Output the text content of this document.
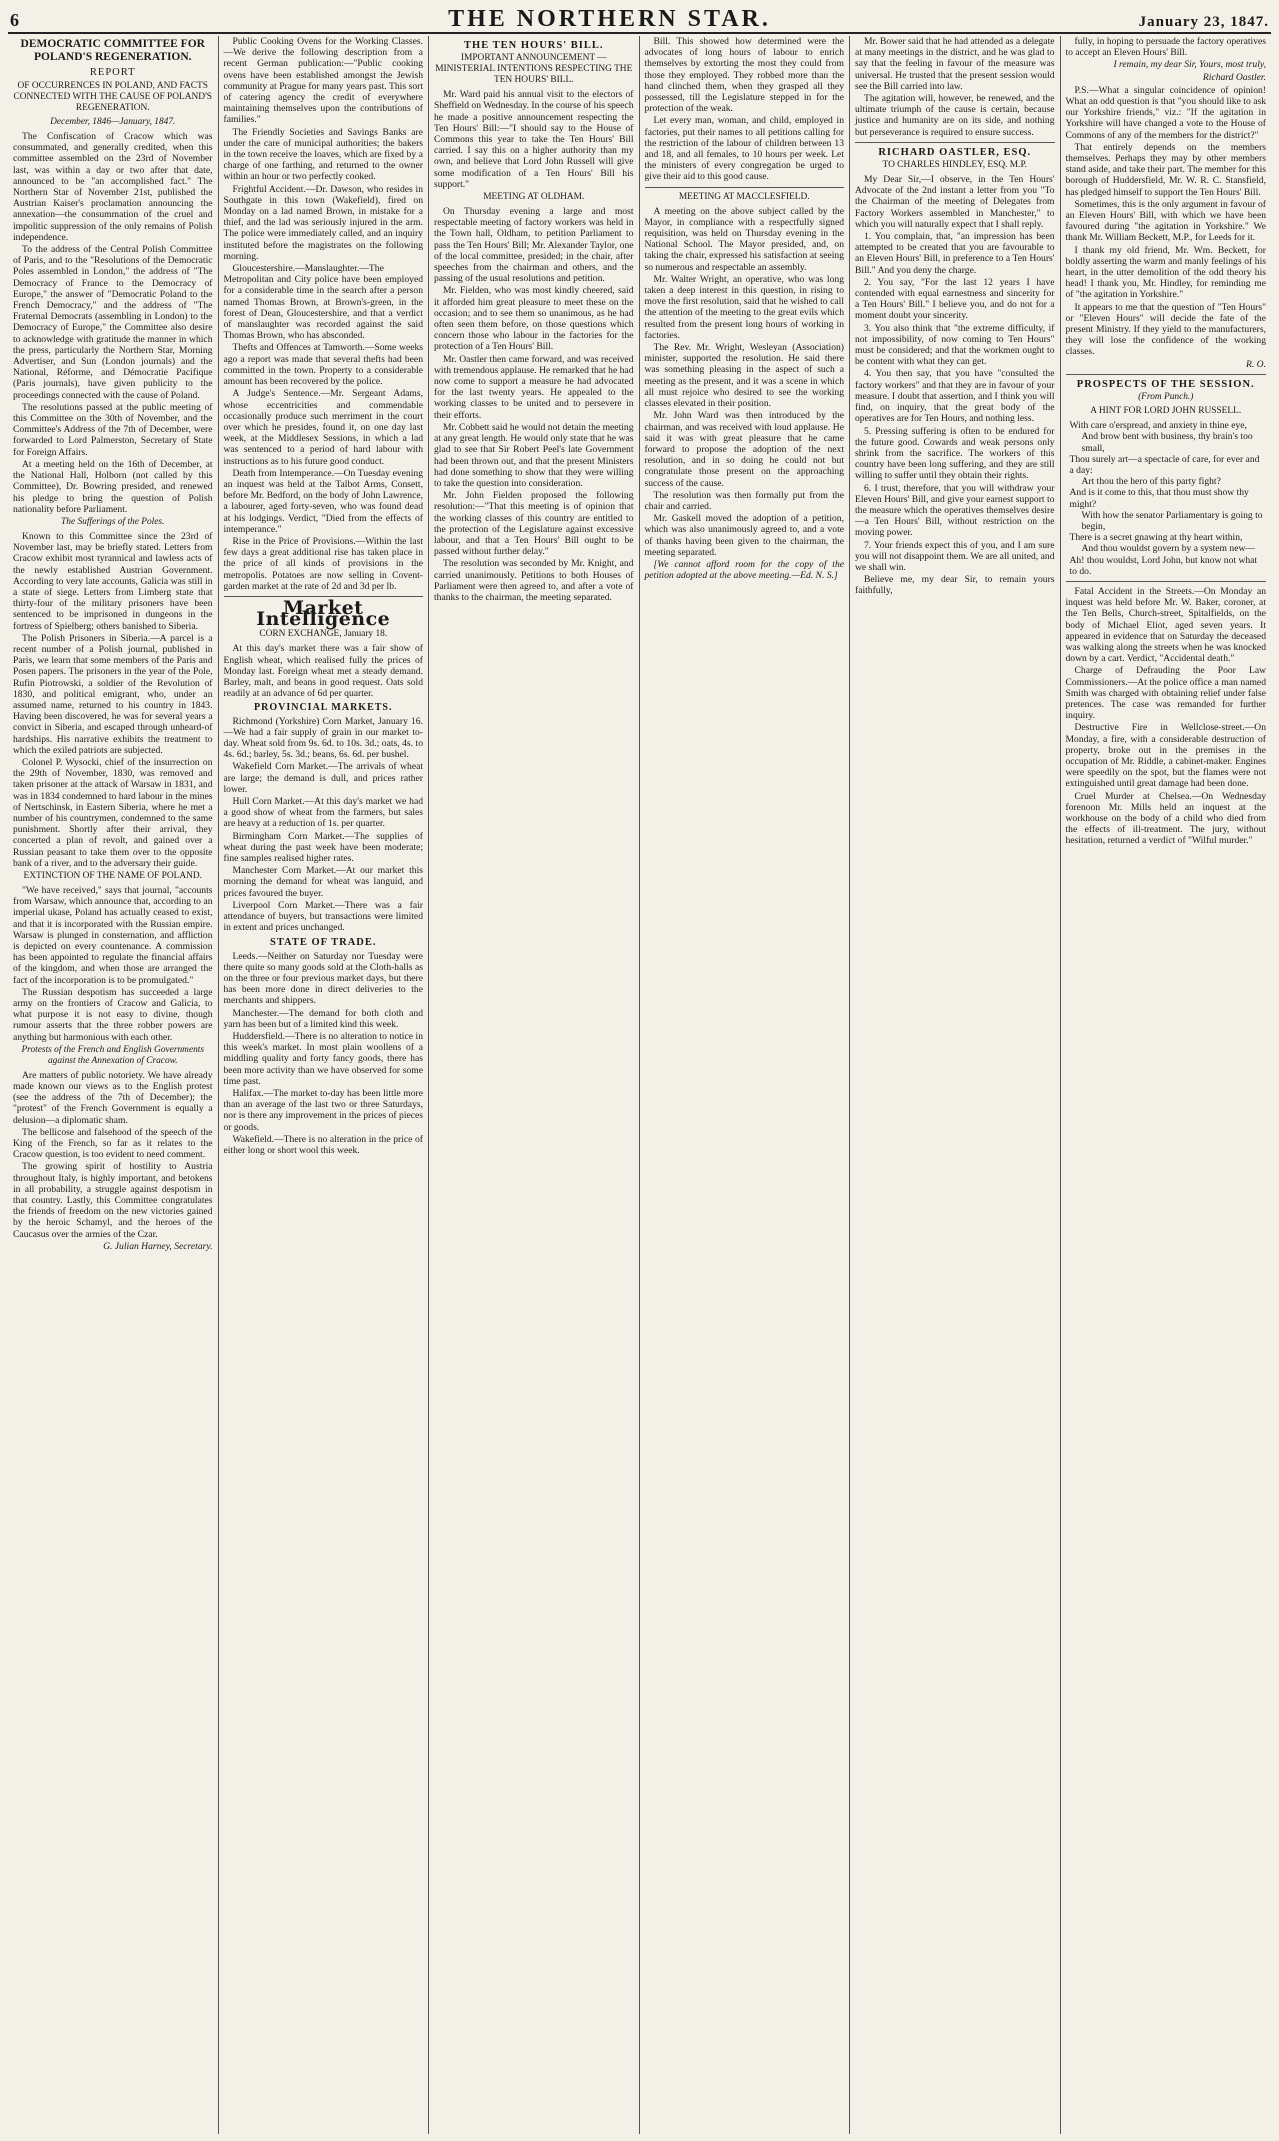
6	THE NORTHERN STAR.	January 23, 1847.
DEMOCRATIC COMMITTEE FOR POLAND'S REGENERATION.
REPORT
OF OCCURRENCES IN POLAND, AND FACTS CONNECTED WITH THE CAUSE OF POLAND'S REGENERATION.
December, 1846—January, 1847.

The Confiscation of Cracow which was consummated, and generally credited, when this committee assembled on the 23rd of November last, was within a day or two after that date, announced to be "an accomplished fact." The Northern Star of November 21st, published the Austrian Kaiser's proclamation announcing the annexation—the consummation of the cruel and impolitic suppression of the only remains of Polish independence.

To the address of the Central Polish Committee of Paris, and to the "Resolutions of the Democratic Poles assembled in London," the address of "The Democracy of France to the Democracy of Europe," the answer of "Democratic Poland to the French Democracy," and the address of "The Fraternal Democrats (assembling in London) to the Democracy of Europe," the Committee also desire to acknowledge with gratitude the manner in which the press, particularly the Northern Star, Morning Advertiser, and Sun (London journals) and the National, Réforme, and Démocratie Pacifique (Paris journals), have given publicity to the proceedings connected with the cause of Poland.

The resolutions passed at the public meeting of this Committee on the 30th of November, and the Committee's Address of the 7th of December, were forwarded to Lord Palmerston, Secretary of State for Foreign Affairs.

At a meeting held on the 16th of December, at the National Hall, Holborn (not called by this Committee), Dr. Bowring presided, and renewed his pledge to bring the question of Polish nationality before Parliament.

The Sufferings of the Poles.

Known to this Committee since the 23rd of November last, may be briefly stated. Letters from Cracow exhibit most tyrannical and lawless acts of the newly established Austrian Government. According to very late accounts, Galicia was still in a state of siege. Letters from Limberg state that thirty-four of the military prisoners have been sentenced to be imprisoned in dungeons in the fortress of Spielberg; others banished to Siberia.

The Polish Prisoners in Siberia.—A parcel is a recent number of a Polish journal, published in Paris, we learn that some members of the Paris and Posen papers. The prisoners in the year of the Pole, Rufin Piotrowski, a soldier of the Revolution of 1830, and political emigrant, who, under an assumed name, returned to his country in 1843. Having been discovered, he was for several years a convict in Siberia, and escaped through unheard-of hardships. His narrative exhibits the treatment to which the exiled patriots are subjected.

Colonel P. Wysocki, chief of the insurrection on the 29th of November, 1830, was removed and taken prisoner at the attack of Warsaw in 1831, and was in 1834 condemned to hard labour in the mines of Nertschinsk, in Eastern Siberia, where he met a number of his countrymen, condemned to the same punishment. Shortly after their arrival, they concerted a plan of revolt, and gained over a Russian peasant to take them over to the opposite bank of a river, and to the adversary their guide.

EXTINCTION OF THE NAME OF POLAND.

"We have received," says that journal, "accounts from Warsaw, which announce that, according to an imperial ukase, Poland has actually ceased to exist, and that it is incorporated with the Russian empire. Warsaw is plunged in consternation, and affliction is depicted on every countenance. A commission has been appointed to regulate the financial affairs of the kingdom, and when those are arranged the fact of the incorporation is to be promulgated."

The Russian despotism has succeeded a large army on the frontiers of Cracow and Galicia, to what purpose it is not easy to divine, though rumour asserts that the three robber powers are anything but harmonious with each other.

Protests of the French and English Governments against the Annexation of Cracow.

Are matters of public notoriety. We have already made known our views as to the English protest (see the address of the 7th of December); the "protest" of the French Government is equally a delusion—a diplomatic sham.

The bellicose and falsehood of the speech of the King of the French, so far as it relates to the Cracow question, is too evident to need comment.

The growing spirit of hostility to Austria throughout Italy, is highly important, and betokens in all probability, a struggle against despotism in that country. Lastly, this Committee congratulates the friends of freedom on the new victories gained by the heroic Schamyl, and the heroes of the Caucasus over the armies of the Czar.

G. Julian Harney, Secretary.

Public Cooking Ovens for the Working Classes.—We derive the following description from a recent German publication:—"Public cooking ovens have been established amongst the Jewish community at Prague for many years past. This sort of catering agency the credit of everywhere maintaining themselves upon the contributions of families."

The Friendly Societies and Savings Banks are under the care of municipal authorities; the bakers in the town receive the loaves, which are fixed by a charge of one farthing, and returned to the owner within an hour or two perfectly cooked.

Frightful Accident.—Dr. Dawson, who resides in Southgate in this town (Wakefield), fired on Monday on a lad named Brown, in mistake for a thief, and the lad was seriously injured in the arm. The police were immediately called, and an inquiry instituted before the magistrates on the following morning.

Gloucestershire.—Manslaughter.—The Metropolitan and City police have been employed for a considerable time in the search after a person named Thomas Brown, at Brown's-green, in the forest of Dean, Gloucestershire, and that a verdict of manslaughter was recorded against the said Thomas Brown, who has absconded.

Thefts and Offences at Tamworth.—Some weeks ago a report was made that several thefts had been committed in the town. Property to a considerable amount has been recovered by the police.

A Judge's Sentence.—Mr. Sergeant Adams, whose eccentricities and commendable occasionally produce such merriment in the court over which he presides, found it, on one day last week, at the Middlesex Sessions, in which a lad was sentenced to a period of hard labour with instructions as to his future good conduct.

Death from Intemperance.—On Tuesday evening an inquest was held at the Talbot Arms, Consett, before Mr. Bedford, on the body of John Lawrence, a labourer, aged forty-seven, who was found dead at his lodgings. Verdict, "Died from the effects of intemperance."

Rise in the Price of Provisions.—Within the last few days a great additional rise has taken place in the price of all kinds of provisions in the metropolis. Potatoes are now selling in Covent-garden market at the rate of 2d and 3d per lb.

Market Intelligence
CORN EXCHANGE, January 18.

At this day's market there was a fair show of English wheat, which realised fully the prices of Monday last. Foreign wheat met a steady demand. Barley, malt, and beans in good request. Oats sold readily at an advance of 6d per quarter.

PROVINCIAL MARKETS.

Richmond (Yorkshire) Corn Market, January 16.—We had a fair supply of grain in our market to-day. Wheat sold from 9s. 6d. to 10s. 3d.; oats, 4s. to 4s. 6d.; barley, 5s. 3d.; beans, 6s. 6d. per bushel.

Wakefield Corn Market.—The arrivals of wheat are large; the demand is dull, and prices rather lower.

Hull Corn Market.—At this day's market we had a good show of wheat from the farmers, but sales are heavy at a reduction of 1s. per quarter.

Birmingham Corn Market.—The supplies of wheat during the past week have been moderate; fine samples realised higher rates.

Manchester Corn Market.—At our market this morning the demand for wheat was languid, and prices favoured the buyer.

Liverpool Corn Market.—There was a fair attendance of buyers, but transactions were limited in extent and prices unchanged.

STATE OF TRADE.

Leeds.—Neither on Saturday nor Tuesday were there quite so many goods sold at the Cloth-halls as on the three or four previous market days, but there has been more done in direct deliveries to the merchants and shippers.

Manchester.—The demand for both cloth and yarn has been but of a limited kind this week.

Huddersfield.—There is no alteration to notice in this week's market. In most plain woollens of a middling quality and forty fancy goods, there has been more activity than we have observed for some time past.

Halifax.—The market to-day has been little more than an average of the last two or three Saturdays, nor is there any improvement in the prices of pieces or goods.

Wakefield.—There is no alteration in the price of either long or short wool this week.

THE TEN HOURS' BILL.
IMPORTANT ANNOUNCEMENT — MINISTERIAL INTENTIONS RESPECTING THE TEN HOURS' BILL.

Mr. Ward paid his annual visit to the electors of Sheffield on Wednesday. In the course of his speech he made a positive announcement respecting the Ten Hours' Bill:—"I should say to the House of Commons this year to take the Ten Hours' Bill carried. I say this on a higher authority than my own, and believe that Lord John Russell will give some modification of a Ten Hours' Bill his support."

MEETING AT OLDHAM.

On Thursday evening a large and most respectable meeting of factory workers was held in the Town hall, Oldham, to petition Parliament to pass the Ten Hours' Bill; Mr. Alexander Taylor, one of the local committee, presided; in the chair, after speeches from the chairman and others, and the passing of the usual resolutions and petition.

Mr. Fielden, who was most kindly cheered, said it afforded him great pleasure to meet these on the occasion; and to see them so unanimous, as he had often seen them before, on those questions which concern those who labour in the factories for the protection of a Ten Hours' Bill.

Mr. Oastler then came forward, and was received with tremendous applause. He remarked that he had now come to support a measure he had advocated for the last twenty years. He appealed to the working classes to be united and to persevere in their efforts.

Mr. Cobbett said he would not detain the meeting at any great length. He would only state that he was glad to see that Sir Robert Peel's late Government had been thrown out, and that the present Ministers had done something to show that they were willing to take the question into consideration.

Mr. John Fielden proposed the following resolution:—"That this meeting is of opinion that the working classes of this country are entitled to the protection of the Legislature against excessive labour, and that a Ten Hours' Bill ought to be passed without further delay."

The resolution was seconded by Mr. Knight, and carried unanimously. Petitions to both Houses of Parliament were then agreed to, and after a vote of thanks to the chairman, the meeting separated.

Bill. This showed how determined were the advocates of long hours of labour to enrich themselves by extorting the most they could from those they employed. They robbed more than the hand clinched them, when they grasped all they possessed, till the Legislature stepped in for the protection of the weak.

Let every man, woman, and child, employed in factories, put their names to all petitions calling for the restriction of the labour of children between 13 and 18, and all females, to 10 hours per week. Let the ministers of every congregation be urged to give their aid to this good cause.

MEETING AT MACCLESFIELD.

A meeting on the above subject called by the Mayor, in compliance with a respectfully signed requisition, was held on Thursday evening in the National School. The Mayor presided, and, on taking the chair, expressed his satisfaction at seeing so numerous and respectable an assembly.

Mr. Walter Wright, an operative, who was long taken a deep interest in this question, in rising to move the first resolution, said that he wished to call the attention of the meeting to the great evils which resulted from the present long hours of working in factories.

The Rev. Mr. Wright, Wesleyan (Association) minister, supported the resolution. He said there was something pleasing in the aspect of such a meeting as the present, and it was a scene in which all must rejoice who desired to see the working classes elevated in their position.

Mr. John Ward was then introduced by the chairman, and was received with loud applause. He said it was with great pleasure that he came forward to propose the adoption of the next resolution, and in so doing he could not but congratulate those present on the approaching success of the cause.

The resolution was then formally put from the chair and carried.

Mr. Gaskell moved the adoption of a petition, which was also unanimously agreed to, and a vote of thanks having been given to the chairman, the meeting separated.

[We cannot afford room for the copy of the petition adopted at the above meeting.—Ed. N. S.]

Mr. Bower said that he had attended as a delegate at many meetings in the district, and he was glad to say that the feeling in favour of the measure was universal. He trusted that the present session would see the Bill carried into law.

The agitation will, however, be renewed, and the ultimate triumph of the cause is certain, because justice and humanity are on its side, and nothing but perseverance is required to ensure success.

RICHARD OASTLER, ESQ.
TO CHARLES HINDLEY, ESQ. M.P.

My Dear Sir,—I observe, in the Ten Hours' Advocate of the 2nd instant a letter from you "To the Chairman of the meeting of Delegates from Factory Workers assembled in Manchester," to which you will naturally expect that I shall reply.

1. You complain, that, "an impression has been attempted to be created that you are favourable to an Eleven Hours' Bill, in preference to a Ten Hours' Bill." And you deny the charge.

2. You say, "For the last 12 years I have contended with equal earnestness and sincerity for a Ten Hours' Bill." I believe you, and do not for a moment doubt your sincerity.

3. You also think that "the extreme difficulty, if not impossibility, of now coming to Ten Hours" must be considered; and that the workmen ought to be content with what they can get.

4. You then say, that you have "consulted the factory workers" and that they are in favour of your measure. I doubt that assertion, and I think you will find, on inquiry, that the great body of the operatives are for Ten Hours, and nothing less.

5. Pressing suffering is often to be endured for the future good. Cowards and weak persons only shrink from the sacrifice. The workers of this country have been long suffering, and they are still willing to suffer until they obtain their rights.

6. I trust, therefore, that you will withdraw your Eleven Hours' Bill, and give your earnest support to the measure which the operatives themselves desire—a Ten Hours' Bill, without restriction on the moving power.

7. Your friends expect this of you, and I am sure you will not disappoint them. We are all united, and we shall win.

Believe me, my dear Sir, to remain yours faithfully,

fully, in hoping to persuade the factory operatives to accept an Eleven Hours' Bill.

I remain, my dear Sir, Yours, most truly,

Richard Oastler.

P.S.—What a singular coincidence of opinion! What an odd question is that "you should like to ask our Yorkshire friends," viz.: "If the agitation in Yorkshire will have changed a vote to the House of Commons of any of the members for the district?"

That entirely depends on the members themselves. Perhaps they may by other members stand aside, and take their part. The member for this borough of Huddersfield, Mr. W. R. C. Stansfield, has pledged himself to support the Ten Hours' Bill.

Sometimes, this is the only argument in favour of an Eleven Hours' Bill, with which we have been favoured during "the agitation in Yorkshire." We thank Mr. William Beckett, M.P., for Leeds for it.

I thank my old friend, Mr. Wm. Beckett, for boldly asserting the warm and manly feelings of his heart, in the utter demolition of the odd theory his head! I thank you, Mr. Hindley, for reminding me of "the agitation in Yorkshire."

It appears to me that the question of "Ten Hours" or "Eleven Hours" will decide the fate of the present Ministry. If they yield to the manufacturers, they will lose the confidence of the working classes.

R. O.
PROSPECTS OF THE SESSION.
(From Punch.)
A HINT FOR LORD JOHN RUSSELL.
With care o'erspread, and anxiety in thine eye,
And brow bent with business, thy brain's too small,
Thou surely art—a spectacle of care, for ever and a day:
Art thou the hero of this party fight?
And is it come to this, that thou must show thy might?
With how the senator Parliamentary is going to begin,
There is a secret gnawing at thy heart within,
And thou wouldst govern by a system new—
Ah! thou wouldst, Lord John, but know not what to do.

Fatal Accident in the Streets.—On Monday an inquest was held before Mr. W. Baker, coroner, at the Ten Bells, Church-street, Spitalfields, on the body of Michael Eliot, aged seven years. It appeared in evidence that on Saturday the deceased was walking along the streets when he was knocked down by a cart. Verdict, "Accidental death."

Charge of Defrauding the Poor Law Commissioners.—At the police office a man named Smith was charged with obtaining relief under false pretences. The case was remanded for further inquiry.

Destructive Fire in Wellclose-street.—On Monday, a fire, with a considerable destruction of property, broke out in the premises in the occupation of Mr. Riddle, a cabinet-maker. Engines were speedily on the spot, but the flames were not extinguished until great damage had been done.

Cruel Murder at Chelsea.—On Wednesday forenoon Mr. Mills held an inquest at the workhouse on the body of a child who died from the effects of ill-treatment. The jury, without hesitation, returned a verdict of "Wilful murder."
